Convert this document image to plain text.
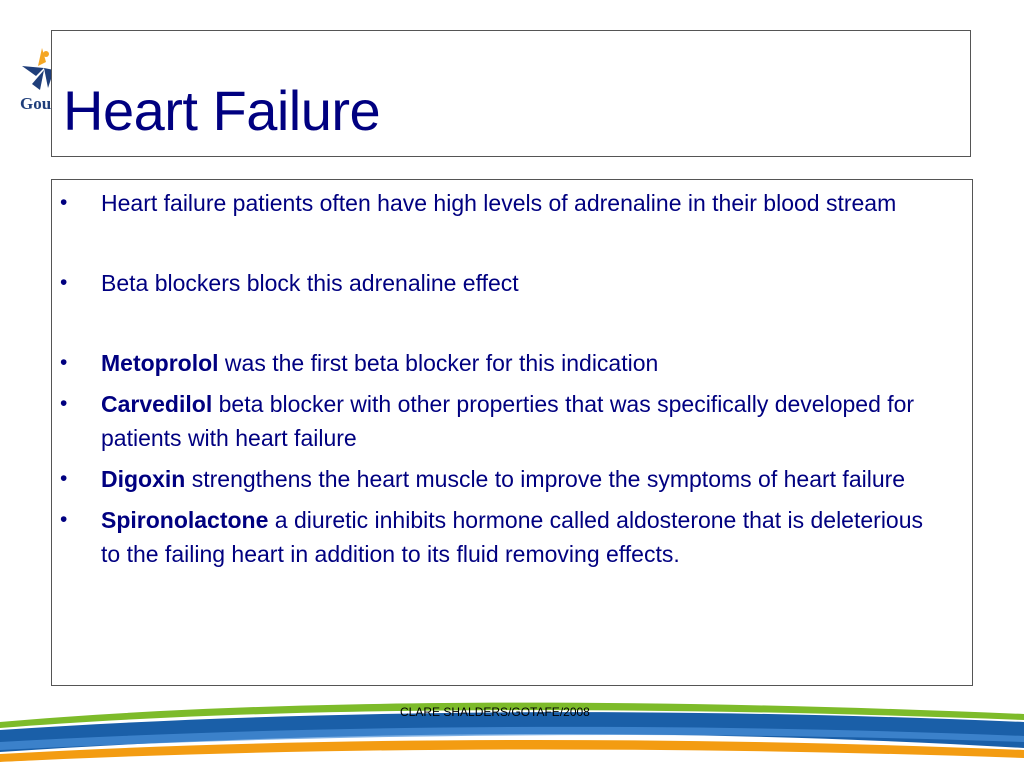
Gou Heart Failure
• Heart failure patients often have high levels of adrenaline in their blood stream
• Beta blockers block this adrenaline effect
• Metoprolol was the first beta blocker for this indication
• Carvedilol beta blocker with other properties that was specifically developed for patients with heart failure
• Digoxin strengthens the heart muscle to improve the symptoms of heart failure
• Spironolactone a diuretic inhibits hormone called aldosterone that is deleterious to the failing heart in addition to its fluid removing effects.
CLARE SHALDERS/GOTAFE/2008
